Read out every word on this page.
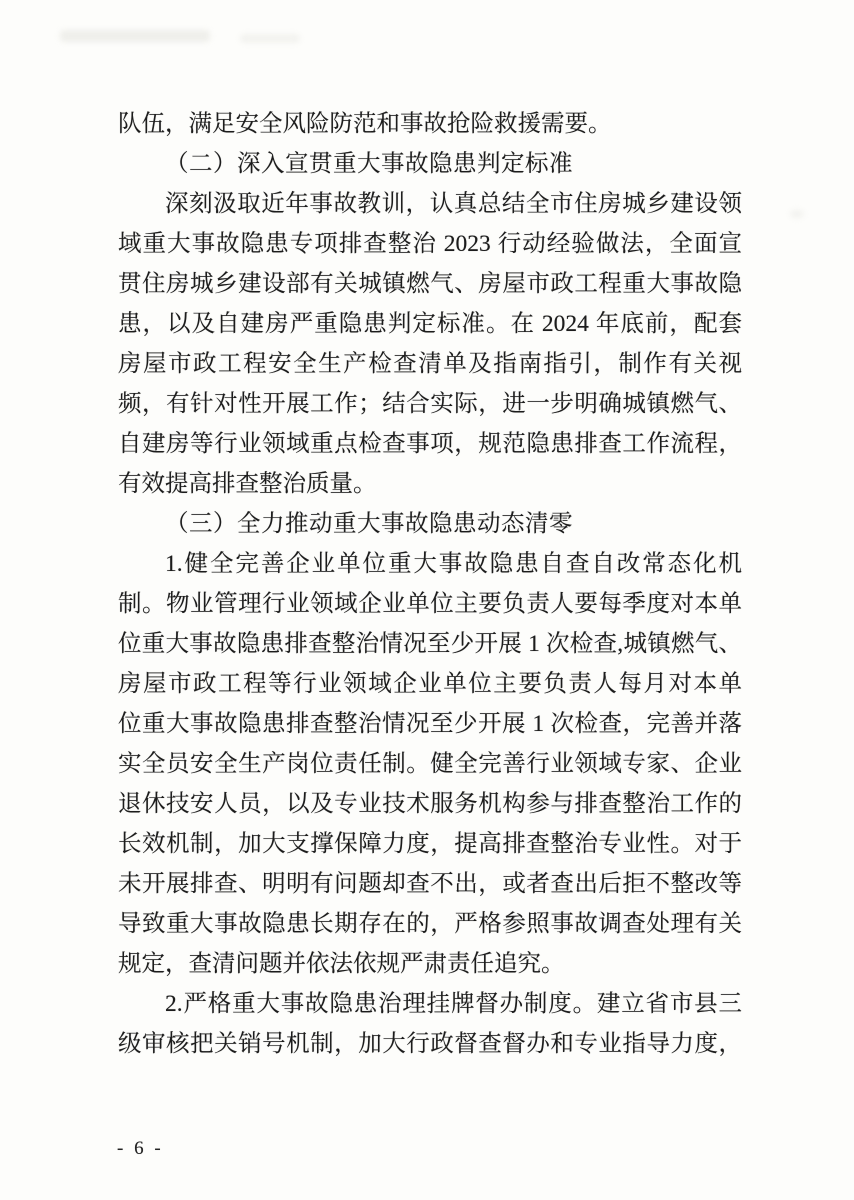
队伍，满足安全风险防范和事故抢险救援需要。
（二）深入宣贯重大事故隐患判定标准
深刻汲取近年事故教训，认真总结全市住房城乡建设领
域重大事故隐患专项排查整治 2023 行动经验做法，全面宣
贯住房城乡建设部有关城镇燃气、房屋市政工程重大事故隐
患，以及自建房严重隐患判定标准。在 2024 年底前，配套
房屋市政工程安全生产检查清单及指南指引，制作有关视
频，有针对性开展工作；结合实际，进一步明确城镇燃气、
自建房等行业领域重点检查事项，规范隐患排查工作流程，
有效提高排查整治质量。
（三）全力推动重大事故隐患动态清零
1.健全完善企业单位重大事故隐患自查自改常态化机
制。物业管理行业领域企业单位主要负责人要每季度对本单
位重大事故隐患排查整治情况至少开展 1 次检查,城镇燃气、
房屋市政工程等行业领域企业单位主要负责人每月对本单
位重大事故隐患排查整治情况至少开展 1 次检查，完善并落
实全员安全生产岗位责任制。健全完善行业领域专家、企业
退休技安人员，以及专业技术服务机构参与排查整治工作的
长效机制，加大支撑保障力度，提高排查整治专业性。对于
未开展排查、明明有问题却查不出，或者查出后拒不整改等
导致重大事故隐患长期存在的，严格参照事故调查处理有关
规定，查清问题并依法依规严肃责任追究。
2.严格重大事故隐患治理挂牌督办制度。建立省市县三
级审核把关销号机制，加大行政督查督办和专业指导力度，
- 6 -
